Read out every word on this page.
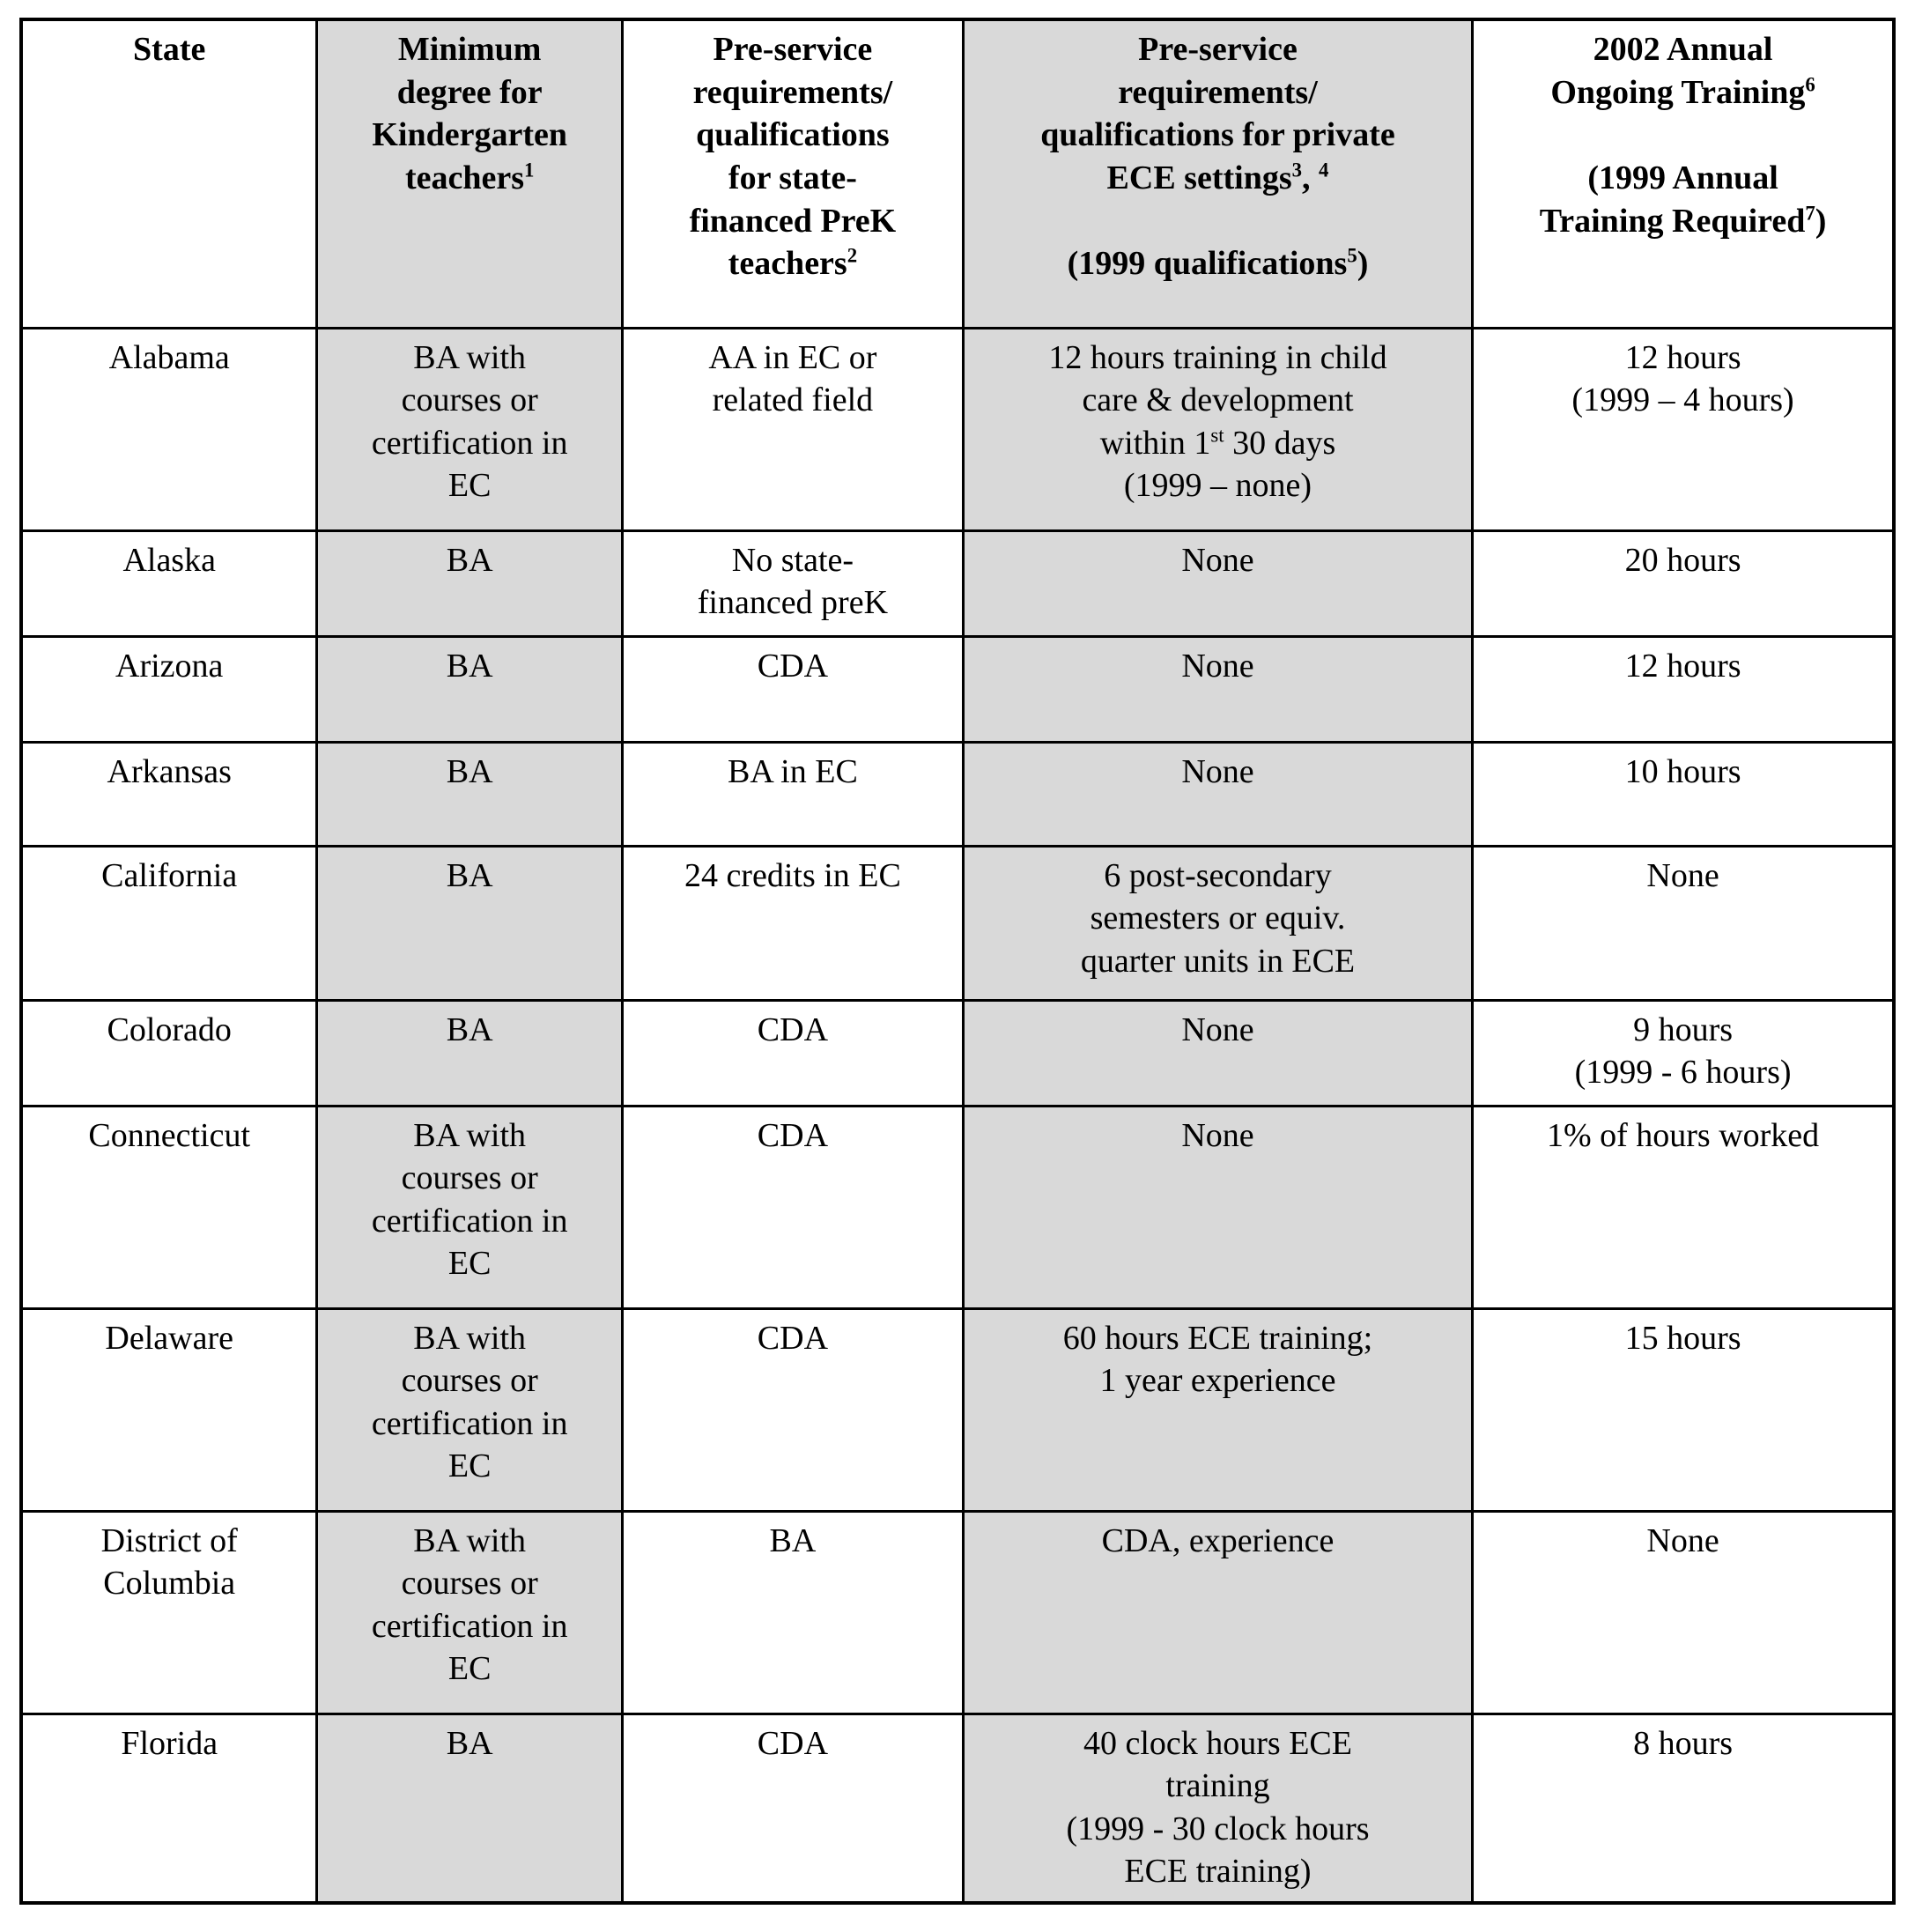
State	Minimum
degree for
Kindergarten
teachers$^1$	Pre-service
requirements/
qualifications
for state-
financed PreK
teachers$^2$	Pre-service
requirements/
qualifications for private
ECE settings$^3$, $^4$

(1999 qualifications$^5$)	2002 Annual
Ongoing Training$^6$

(1999 Annual
Training Required$^7$)
Alabama	BA with
courses or
certification in
EC	AA in EC or
related field	12 hours training in child
care & development
within 1st 30 days
(1999 – none)	12 hours
(1999 – 4 hours)
Alaska	BA	No state-
financed preK	None	20 hours
Arizona	BA	CDA	None	12 hours
Arkansas	BA	BA in EC	None	10 hours
California	BA	24 credits in EC	6 post-secondary
semesters or equiv.
quarter units in ECE	None
Colorado	BA	CDA	None	9 hours
(1999 - 6 hours)
Connecticut	BA with
courses or
certification in
EC	CDA	None	1% of hours worked
Delaware	BA with
courses or
certification in
EC	CDA	60 hours ECE training;
1 year experience	15 hours
District of
Columbia	BA with
courses or
certification in
EC	BA	CDA, experience	None
Florida	BA	CDA	40 clock hours ECE
training
(1999 - 30 clock hours
ECE training)	8 hours
